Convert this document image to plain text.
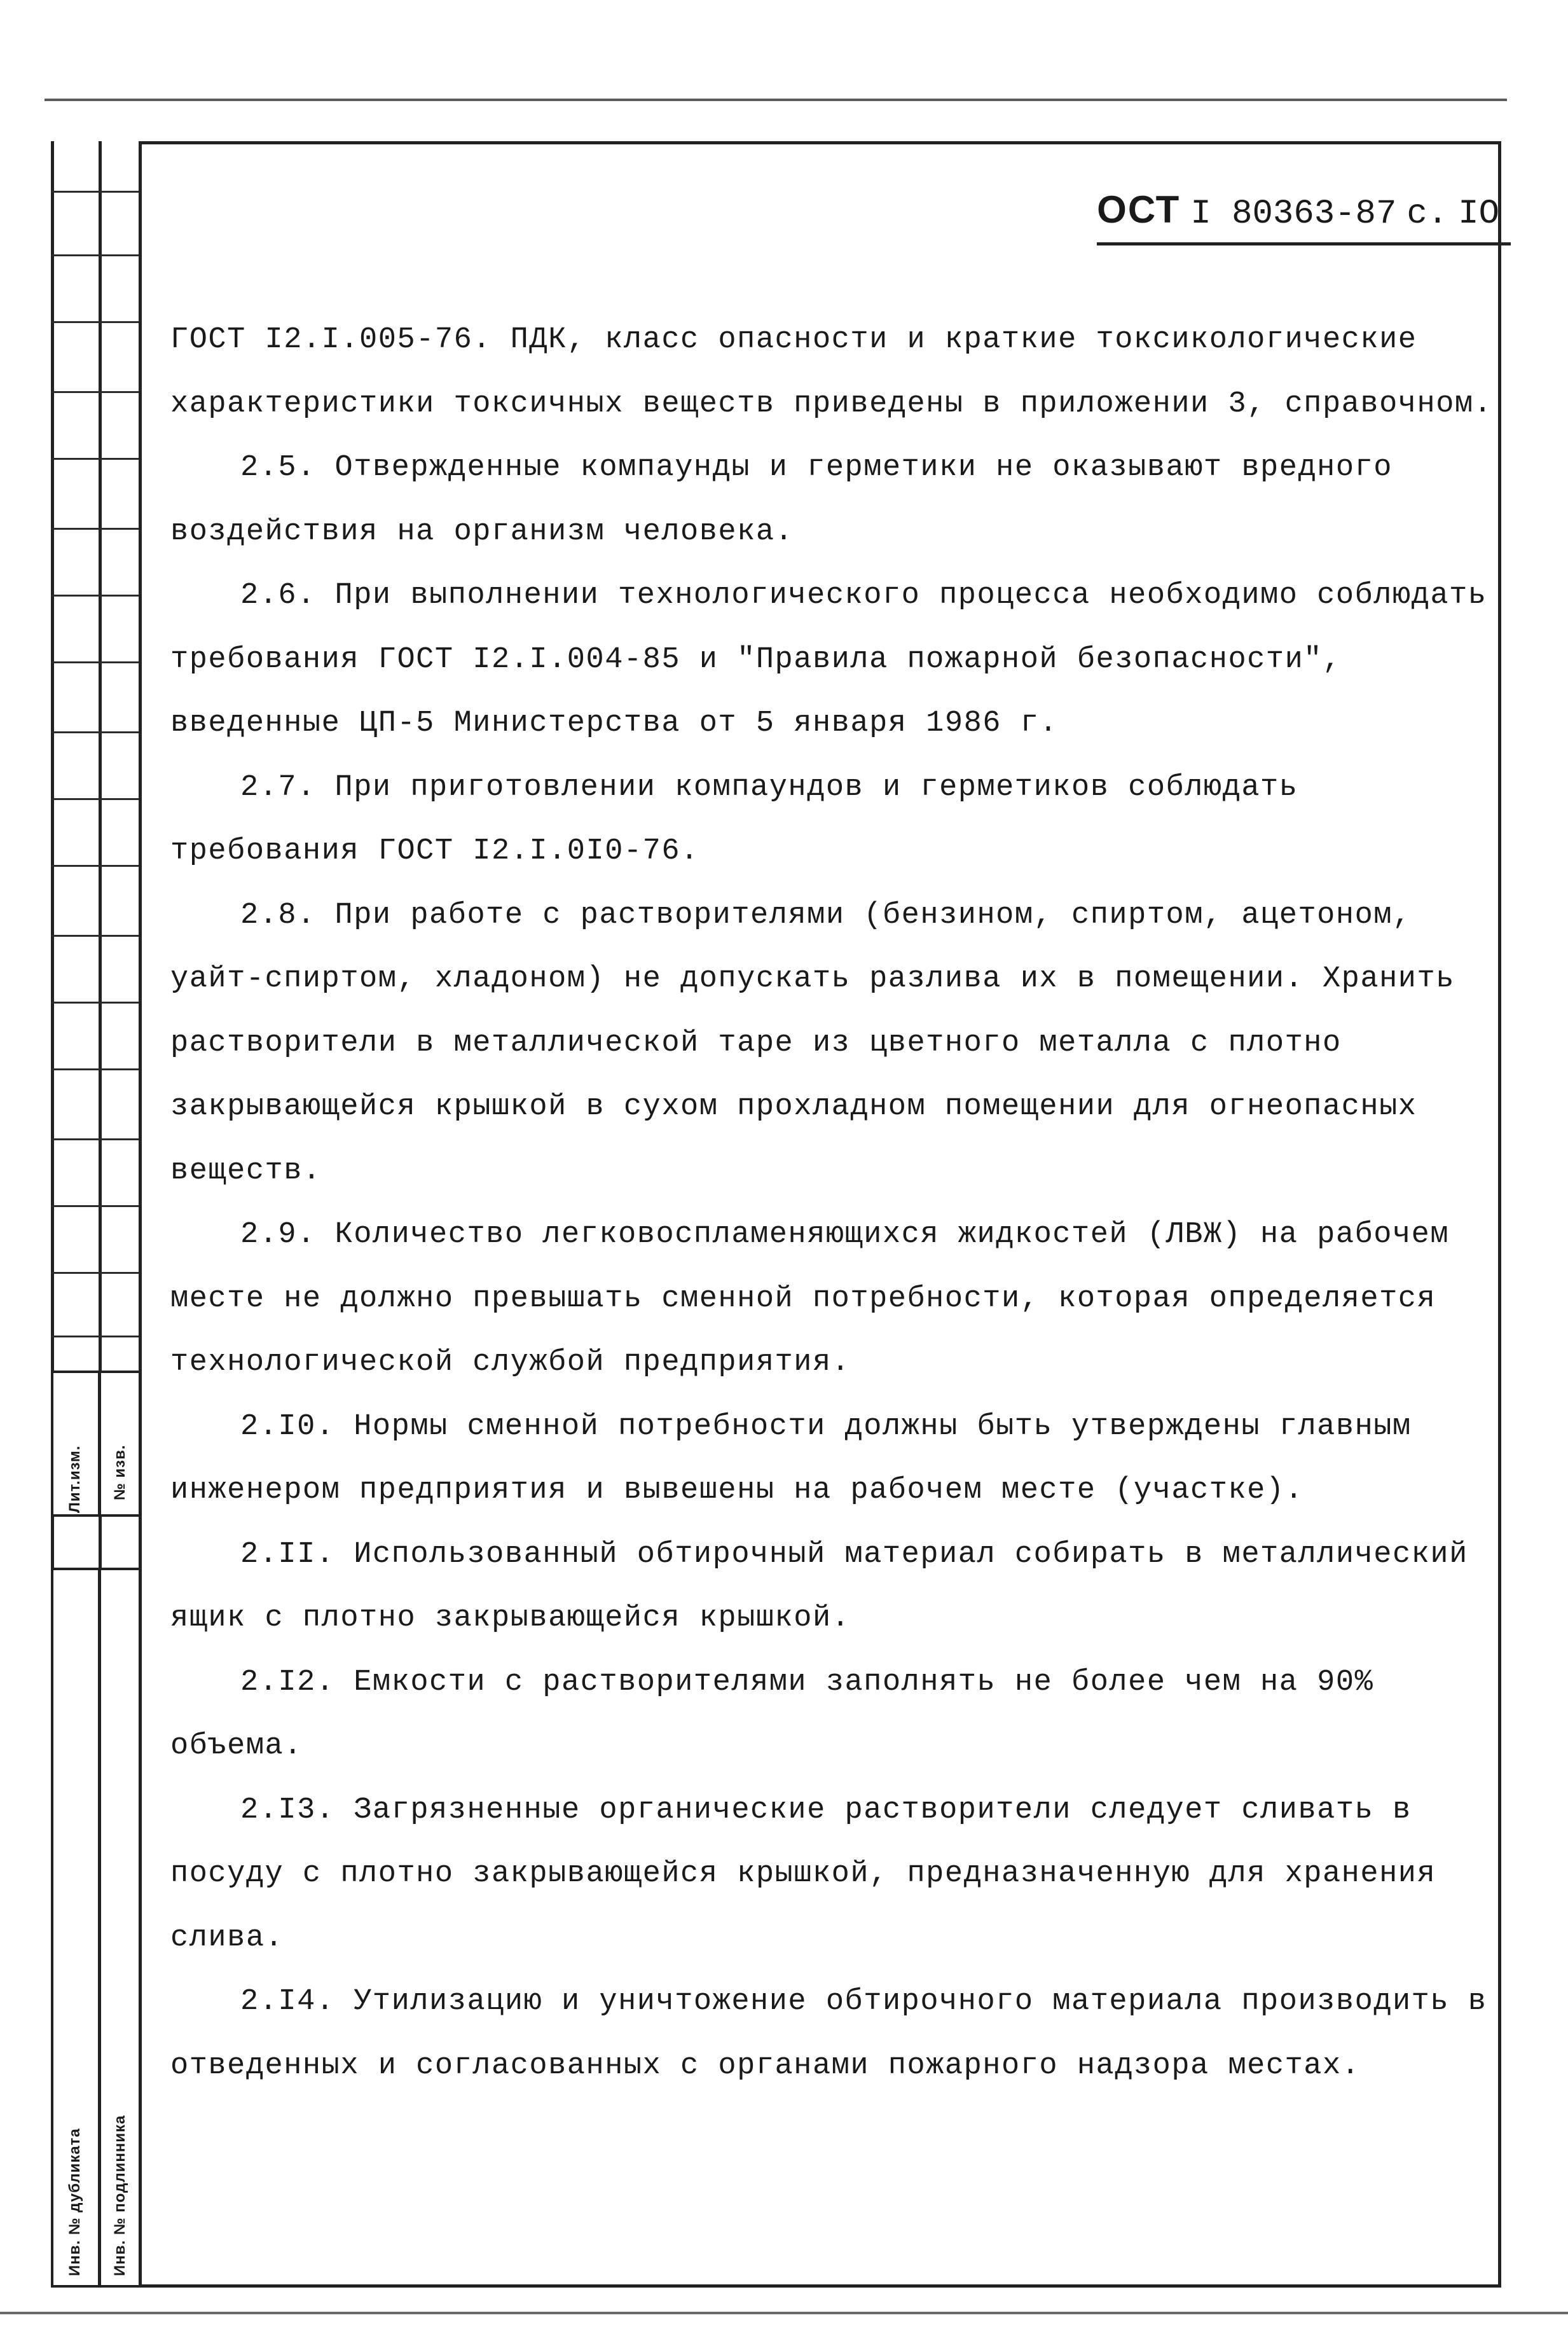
Лит.изм. № изв.
Инв. № дубликата Инв. № подлинника
ОСТ I 80363-87 с. IO

ГОСТ I2.I.005-76. ПДК, класс опасности и краткие токсикологические характеристики токсичных веществ приведены в приложении 3, справочном.

2.5. Отвержденные компаунды и герметики не оказывают вредного воздействия на организм человека.

2.6. При выполнении технологического процесса необходимо соблюдать требования ГОСТ I2.I.004-85 и "Правила пожарной безопасности", введенные ЦП-5 Министерства от 5 января 1986 г.

2.7. При приготовлении компаундов и герметиков соблюдать требования ГОСТ I2.I.0I0-76.

2.8. При работе с растворителями (бензином, спиртом, ацетоном, уайт-спиртом, хладоном) не допускать разлива их в помещении. Хранить растворители в металлической таре из цветного металла с плотно закрывающейся крышкой в сухом прохладном помещении для огнеопасных веществ.

2.9. Количество легковоспламеняющихся жидкостей (ЛВЖ) на рабочем месте не должно превышать сменной потребности, которая определяется технологической службой предприятия.

2.I0. Нормы сменной потребности должны быть утверждены главным инженером предприятия и вывешены на рабочем месте (участке).

2.II. Использованный обтирочный материал собирать в металлический ящик с плотно закрывающейся крышкой.

2.I2. Емкости с растворителями заполнять не более чем на 90% объема.

2.I3. Загрязненные органические растворители следует сливать в посуду с плотно закрывающейся крышкой, предназначенную для хранения слива.

2.I4. Утилизацию и уничтожение обтирочного материала производить в отведенных и согласованных с органами пожарного надзора местах.
